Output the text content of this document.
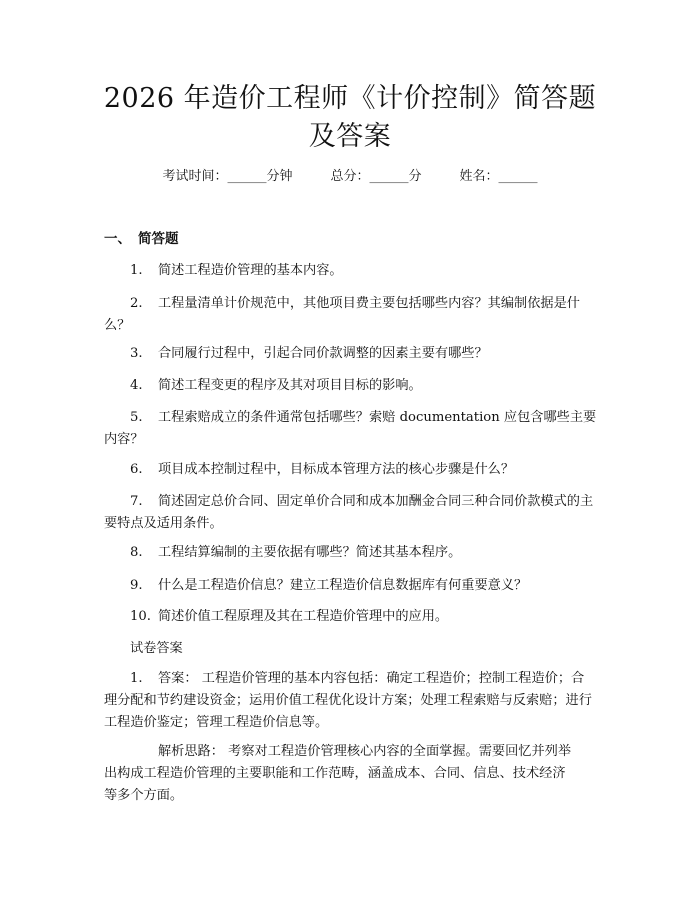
2026 年造价工程师《计价控制》简答题及答案
考试时间：______分钟	总分：______分	姓名：______
一、 简答题
1. 简述工程造价管理的基本内容。
2. 工程量清单计价规范中，其他项目费主要包括哪些内容？其编制依据是什么？
3. 合同履行过程中，引起合同价款调整的因素主要有哪些？
4. 简述工程变更的程序及其对项目目标的影响。
5. 工程索赔成立的条件通常包括哪些？索赔 documentation 应包含哪些主要内容？
6. 项目成本控制过程中，目标成本管理方法的核心步骤是什么？
7. 简述固定总价合同、固定单价合同和成本加酬金合同三种合同价款模式的主要特点及适用条件。
8. 工程结算编制的主要依据有哪些？简述其基本程序。
9. 什么是工程造价信息？建立工程造价信息数据库有何重要意义？
10. 简述价值工程原理及其在工程造价管理中的应用。
试卷答案
1. 答案： 工程造价管理的基本内容包括：确定工程造价；控制工程造价；合理分配和节约建设资金；运用价值工程优化设计方案；处理工程索赔与反索赔；进行工程造价鉴定；管理工程造价信息等。
解析思路： 考察对工程造价管理核心内容的全面掌握。需要回忆并列举出构成工程造价管理的主要职能和工作范畴，涵盖成本、合同、信息、技术经济等多个方面。
